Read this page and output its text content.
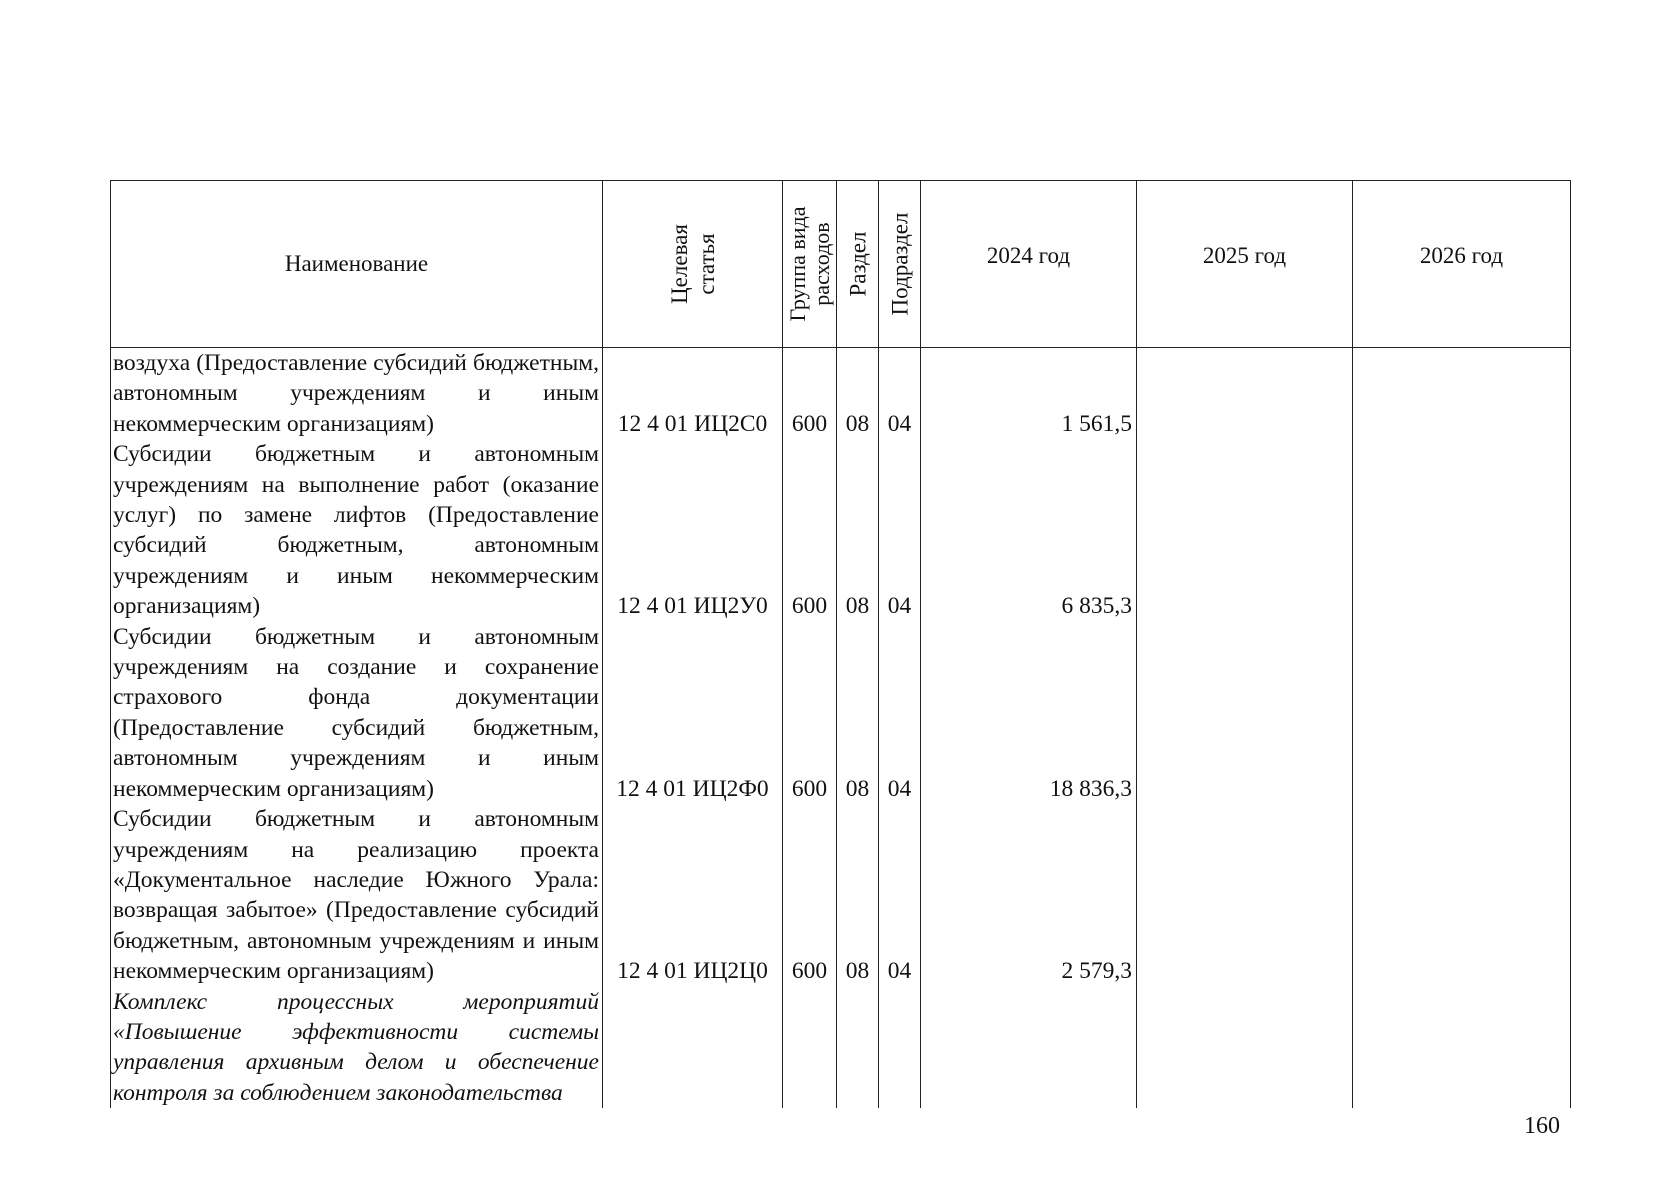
Наименование	Целевая статья	Группа вида расходов	Раздел	Подраздел	2024 год	2025 год	2026 год
воздуха (Предоставление субсидий бюджетным, автономным учреждениям и иным некоммерческим организациям)	12 4 01 ИЦ2С0	600	08	04	1 561,5		
Субсидии бюджетным и автономным учреждениям на выполнение работ (оказание услуг) по замене лифтов (Предоставление субсидий бюджетным, автономным учреждениям и иным некоммерческим организациям)	12 4 01 ИЦ2У0	600	08	04	6 835,3		
Субсидии бюджетным и автономным учреждениям на создание и сохранение страхового фонда документации (Предоставление субсидий бюджетным, автономным учреждениям и иным некоммерческим организациям)	12 4 01 ИЦ2Ф0	600	08	04	18 836,3		
Субсидии бюджетным и автономным учреждениям на реализацию проекта «Документальное наследие Южного Урала: возвращая забытое» (Предоставление субсидий бюджетным, автономным учреждениям и иным некоммерческим организациям)	12 4 01 ИЦ2Ц0	600	08	04	2 579,3		
Комплекс процессных мероприятий «Повышение эффективности системы управления архивным делом и обеспечение контроля за соблюдением законодательства							
160
